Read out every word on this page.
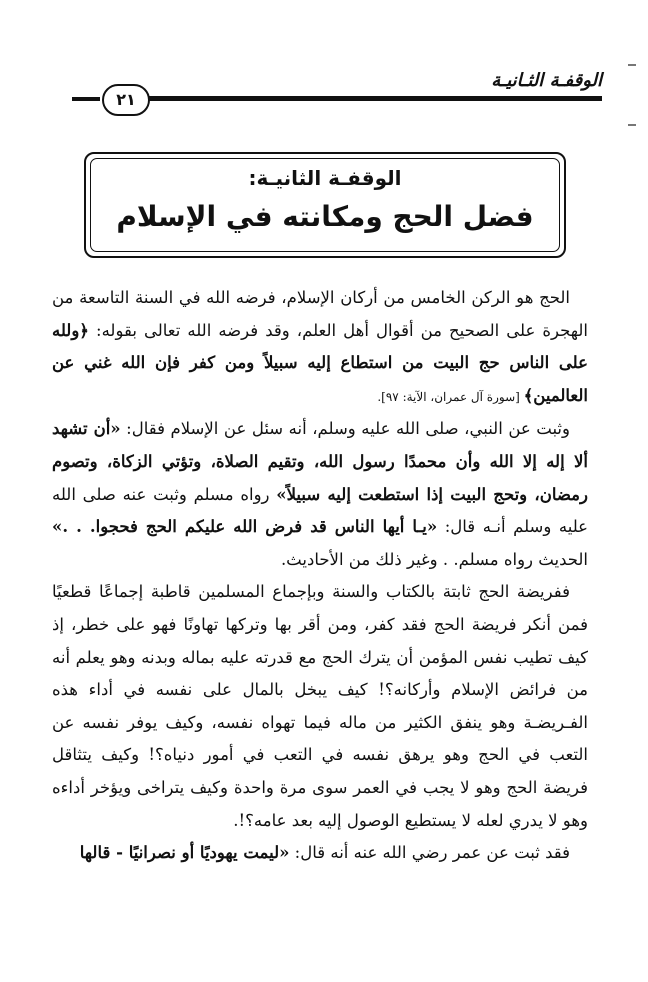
الوقفـة الثـانيـة
٢١
الوقفـة الثانيـة:
فضل الحج ومكانته في الإسلام

الحج هو الركن الخامس من أركان الإسلام، فرضه الله في السنة التاسعة من الهجرة على الصحيح من أقوال أهل العلم، وقد فرضه الله تعالى بقوله: ﴿ولله على الناس حج البيت من استطاع إليه سبيلاً ومن كفر فإن الله غني عن العالمين﴾ [سورة آل عمران، الآية: ٩٧].

وثبت عن النبي، صلى الله عليه وسلم، أنه سئل عن الإسلام فقال: «أن تشهد ألا إله إلا الله وأن محمدًا رسول الله، وتقيم الصلاة، وتؤتي الزكاة، وتصوم رمضان، وتحج البيت إذا استطعت إليه سبيلاً» رواه مسلم وثبت عنه صلى الله عليه وسلم أنـه قال: «يـا أيها الناس قد فرض الله عليكم الحج فحجوا. . .» الحديث رواه مسلم. . وغير ذلك من الأحاديث.

ففريضة الحج ثابتة بالكتاب والسنة وبإجماع المسلمين قاطبة إجماعًا قطعيًا فمن أنكر فريضة الحج فقد كفر، ومن أقر بها وتركها تهاونًا فهو على خطر، إذ كيف تطيب نفس المؤمن أن يترك الحج مع قدرته عليه بماله وبدنه وهو يعلم أنه من فرائض الإسلام وأركانه؟! كيف يبخل بالمال على نفسه في أداء هذه الفـريضـة وهو ينفق الكثير من ماله فيما تهواه نفسه، وكيف يوفر نفسه عن التعب في الحج وهو يرهق نفسه في التعب في أمور دنياه؟! وكيف يتثاقل فريضة الحج وهو لا يجب في العمر سوى مرة واحدة وكيف يتراخى ويؤخر أداءه وهو لا يدري لعله لا يستطيع الوصول إليه بعد عامه؟!.

فقد ثبت عن عمر رضي الله عنه أنه قال: «ليمت يهوديًا أو نصرانيًا - قالها
